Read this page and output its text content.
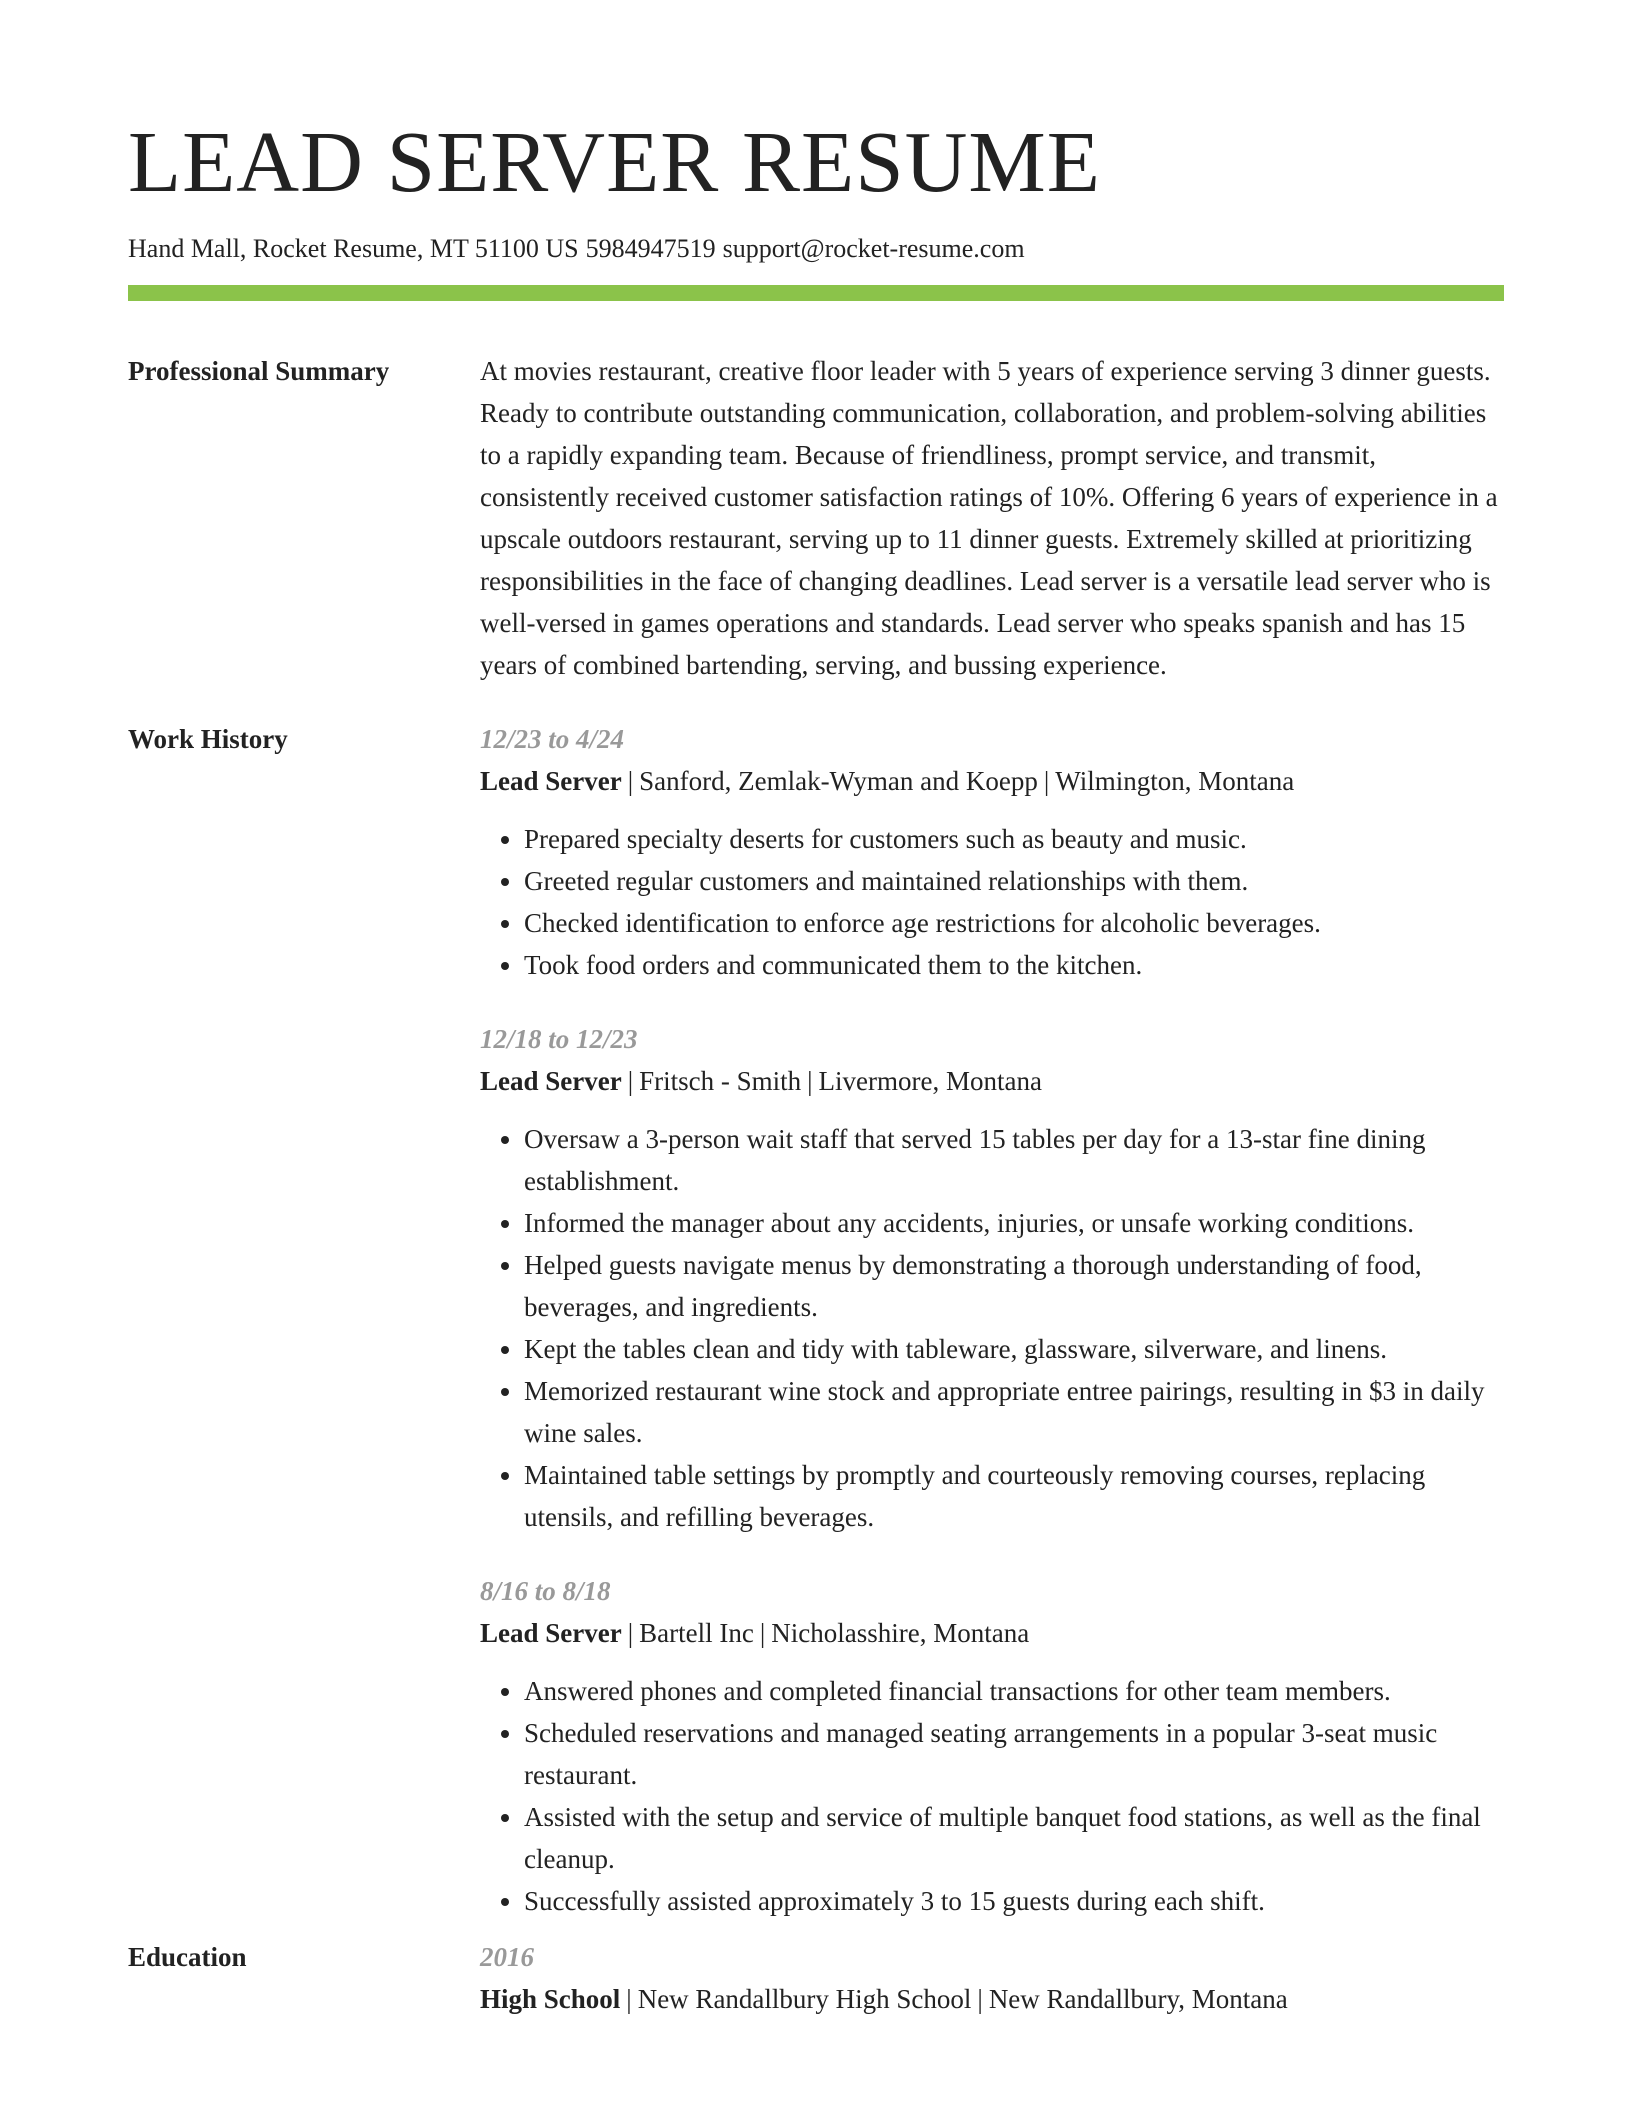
LEAD SERVER RESUME
Hand Mall, Rocket Resume, MT 51100 US 5984947519 support@rocket-resume.com
Professional Summary	At movies restaurant, creative floor leader with 5 years of experience serving 3 dinner guests. Ready to contribute outstanding communication, collaboration, and problem-solving abilities to a rapidly expanding team. Because of friendliness, prompt service, and transmit, consistently received customer satisfaction ratings of 10%. Offering 6 years of experience in a upscale outdoors restaurant, serving up to 11 dinner guests. Extremely skilled at prioritizing responsibilities in the face of changing deadlines. Lead server is a versatile lead server who is well-versed in games operations and standards. Lead server who speaks spanish and has 15 years of combined bartending, serving, and bussing experience.

Work History	12/23 to 4/24
Lead Server | Sanford, Zemlak-Wyman and Koepp | Wilmington, Montana
• Prepared specialty deserts for customers such as beauty and music.
• Greeted regular customers and maintained relationships with them.
• Checked identification to enforce age restrictions for alcoholic beverages.
• Took food orders and communicated them to the kitchen.
12/18 to 12/23
Lead Server | Fritsch - Smith | Livermore, Montana
• Oversaw a 3-person wait staff that served 15 tables per day for a 13-star fine dining establishment.
• Informed the manager about any accidents, injuries, or unsafe working conditions.
• Helped guests navigate menus by demonstrating a thorough understanding of food, beverages, and ingredients.
• Kept the tables clean and tidy with tableware, glassware, silverware, and linens.
• Memorized restaurant wine stock and appropriate entree pairings, resulting in $3 in daily wine sales.
• Maintained table settings by promptly and courteously removing courses, replacing utensils, and refilling beverages.
8/16 to 8/18
Lead Server | Bartell Inc | Nicholasshire, Montana
• Answered phones and completed financial transactions for other team members.
• Scheduled reservations and managed seating arrangements in a popular 3-seat music restaurant.
• Assisted with the setup and service of multiple banquet food stations, as well as the final cleanup.
• Successfully assisted approximately 3 to 15 guests during each shift.
Education	2016
High School | New Randallbury High School | New Randallbury, Montana
